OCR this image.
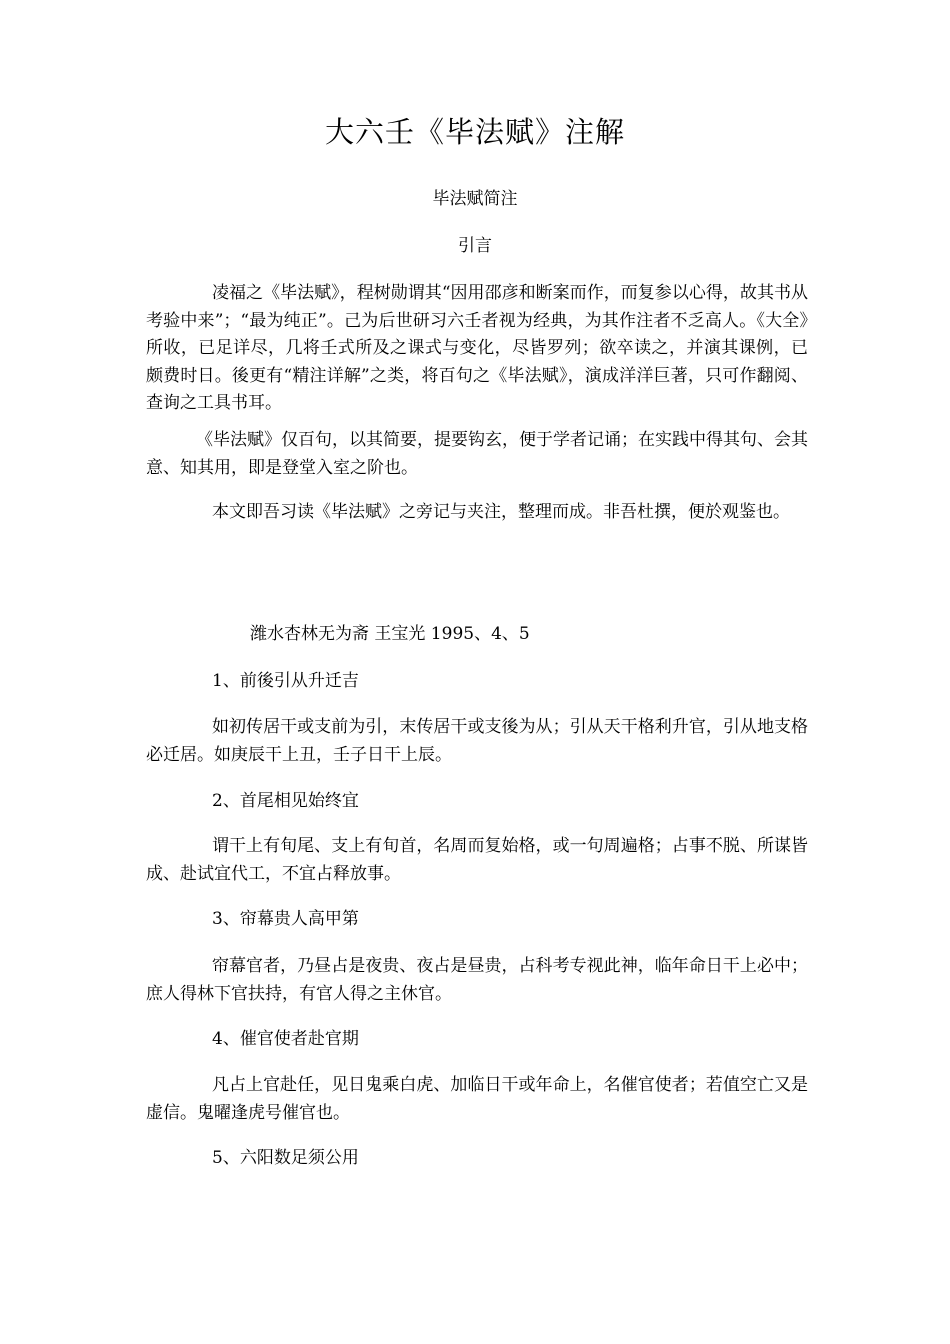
大六壬《毕法赋》注解
毕法赋简注
引言

凌福之《毕法赋》，程树勋谓其“因用邵彦和断案而作，而复参以心得，故其书从考验中来”；“最为纯正”。己为后世研习六壬者视为经典，为其作注者不乏高人。《大全》所收，已足详尽，几将壬式所及之课式与变化，尽皆罗列；欲卒读之，并演其课例，已颇费时日。後更有“精注详解”之类，将百句之《毕法赋》，演成洋洋巨著，只可作翻阅、查询之工具书耳。

《毕法赋》仅百句，以其简要，提要钩玄，便于学者记诵；在实践中得其句、会其意、知其用，即是登堂入室之阶也。

本文即吾习读《毕法赋》之旁记与夹注，整理而成。非吾杜撰，便於观鉴也。

潍水杏林无为斋 王宝光 1995、4、5
1、前後引从升迁吉

如初传居干或支前为引，末传居干或支後为从；引从天干格利升官，引从地支格必迁居。如庚辰干上丑，壬子日干上辰。

2、首尾相见始终宜

谓干上有旬尾、支上有旬首，名周而复始格，或一句周遍格；占事不脱、所谋皆成、赴试宜代工，不宜占释放事。

3、帘幕贵人高甲第

帘幕官者，乃昼占是夜贵、夜占是昼贵，占科考专视此神，临年命日干上必中；庶人得林下官扶持，有官人得之主休官。

4、催官使者赴官期

凡占上官赴任，见日鬼乘白虎、加临日干或年命上，名催官使者；若值空亡又是虚信。鬼曜逢虎号催官也。

5、六阳数足须公用
